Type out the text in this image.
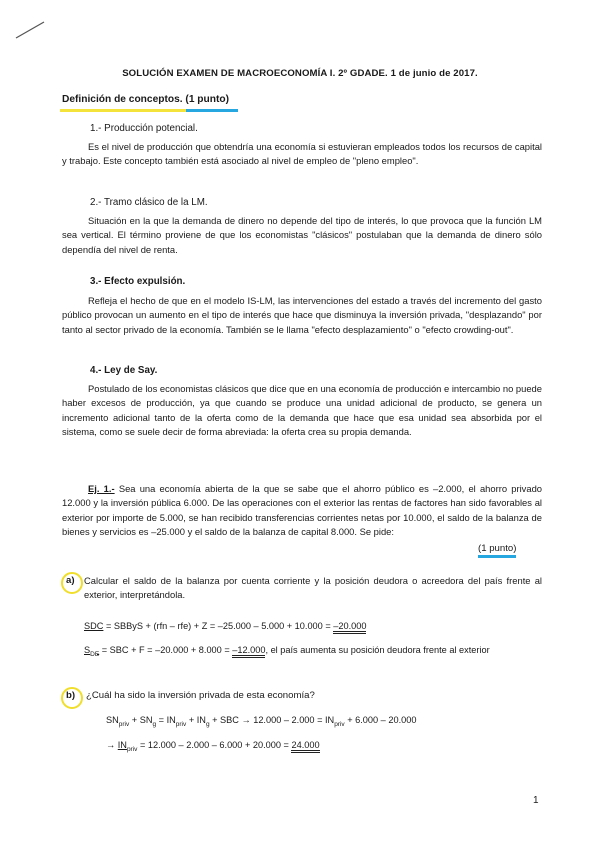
SOLUCIÓN EXAMEN DE MACROECONOMÍA I. 2º GDADE. 1 de junio de 2017.
Definición de conceptos. (1 punto)
1.- Producción potencial.
Es el nivel de producción que obtendría una economía si estuvieran empleados todos los recursos de capital y trabajo. Este concepto también está asociado al nivel de empleo de "pleno empleo".
2.- Tramo clásico de la LM.
Situación en la que la demanda de dinero no depende del tipo de interés, lo que provoca que la función LM sea vertical. El término proviene de que los economistas "clásicos" postulaban que la demanda de dinero sólo dependía del nivel de renta.
3.- Efecto expulsión.
Refleja el hecho de que en el modelo IS-LM, las intervenciones del estado a través del incremento del gasto público provocan un aumento en el tipo de interés que hace que disminuya la inversión privada, "desplazando" por tanto al sector privado de la economía. También se le llama "efecto desplazamiento" o "efecto crowding-out".
4.- Ley de Say.
Postulado de los economistas clásicos que dice que en una economía de producción e intercambio no puede haber excesos de producción, ya que cuando se produce una unidad adicional de producto, se genera un incremento adicional tanto de la oferta como de la demanda que hace que esa unidad sea absorbida por el sistema, como se suele decir de forma abreviada: la oferta crea su propia demanda.
Ej. 1.- Sea una economía abierta de la que se sabe que el ahorro público es –2.000, el ahorro privado 12.000 y la inversión pública 6.000. De las operaciones con el exterior las rentas de factores han sido favorables al exterior por importe de 5.000, se han recibido transferencias corrientes netas por 10.000, el saldo de la balanza de bienes y servicios es –25.000 y el saldo de la balanza de capital 8.000. Se pide:
(1 punto)
a) Calcular el saldo de la balanza por cuenta corriente y la posición deudora o acreedora del país frente al exterior, interpretándola.
SDC = SBByS + (rfn – rfe) + Z = –25.000 – 5.000 + 10.000 = –20.000
$S_{DE}$ = SBC + F = –20.000 + 8.000 = –12.000, el país aumenta su posición deudora frente al exterior
b) ¿Cuál ha sido la inversión privada de esta economía?
$SN_{priv} + SN_g = IN_{priv} + IN_g$ + SBC → $12.000 - 2.000 = IN_{priv} + 6.000 - 20.000$
→ $IN_{priv} = 12.000 - 2.000 - 6.000 + 20.000 = 24.000$
1
